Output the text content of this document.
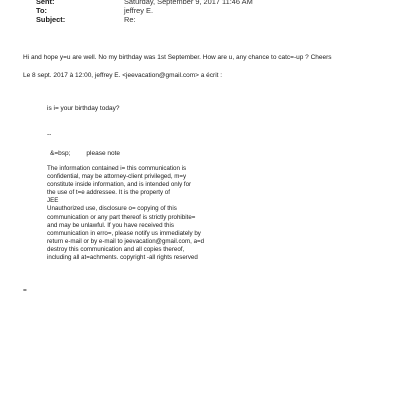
Sent:	Saturday, September 9, 2017 11:46 AM
To:	jeffrey E.
Subject:	Re:
Hi and hope y=u are well. No my birthday was 1st September. How are u, any chance to catc=-up ? Cheers
Le 8 sept. 2017 à 12:00, jeffrey E. <jeevacation@gmail.com> a écrit :
is i= your birthday today?
--
&=bsp; please note
The information contained i= this communication is
confidential, may be attorney-client privileged, m=y
constitute inside information, and is intended only for
the use of t=e addressee. It is the property of
JEE
Unauthorized use, disclosure o= copying of this
communication or any part thereof is strictly prohibite=
and may be unlawful. If you have received this
communication in erro=, please notify us immediately by
return e-mail or by e-mail to jeevacation@gmail.com, a=d
destroy this communication and all copies thereof,
including all at=achments. copyright -all rights reserved
=
